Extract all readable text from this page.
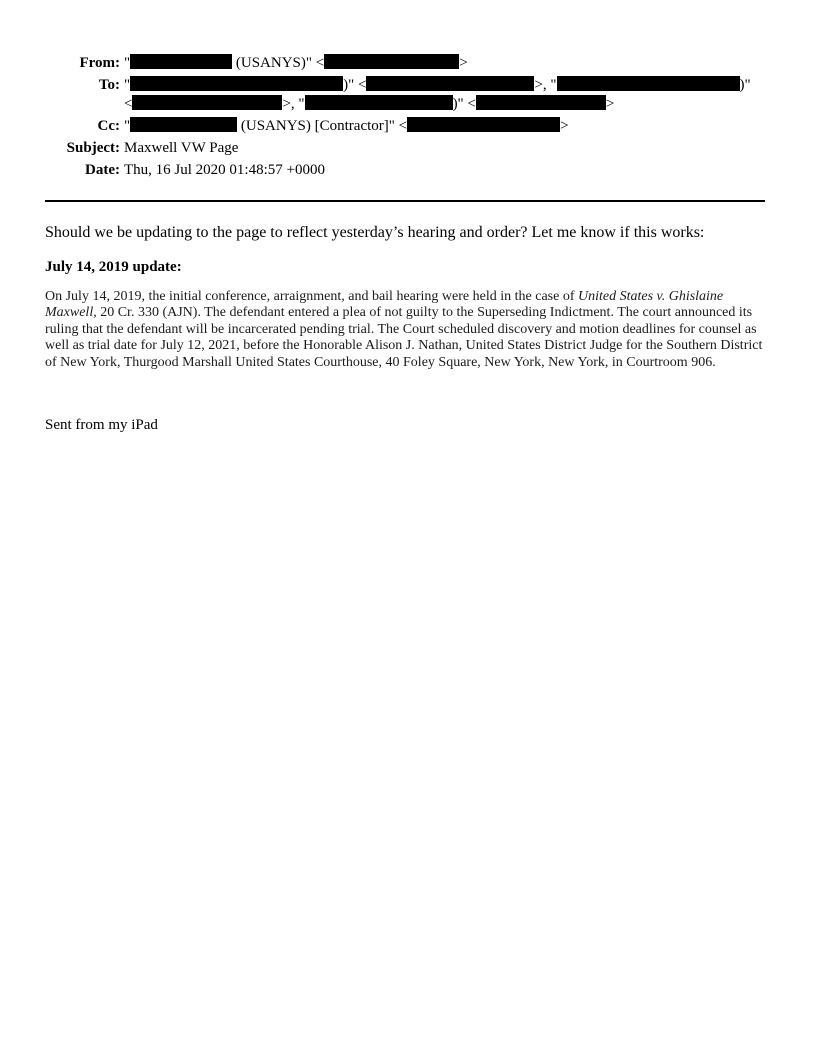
From: "	(USANYS)" <	>
To: "	)" <	>, "	)"
<	>, "	)" <	>
Cc: "	(USANYS) [Contractor]" <	>
Subject: Maxwell VW Page
Date: Thu, 16 Jul 2020 01:48:57 +0000
Should we be updating to the page to reflect yesterday’s hearing and order? Let me know if this works:
July 14, 2019 update:
On July 14, 2019, the initial conference, arraignment, and bail hearing were held in the case of United States v. Ghislaine Maxwell, 20 Cr. 330 (AJN). The defendant entered a plea of not guilty to the Superseding Indictment. The court announced its ruling that the defendant will be incarcerated pending trial. The Court scheduled discovery and motion deadlines for counsel as well as trial date for July 12, 2021, before the Honorable Alison J. Nathan, United States District Judge for the Southern District of New York, Thurgood Marshall United States Courthouse, 40 Foley Square, New York, New York, in Courtroom 906.
Sent from my iPad
